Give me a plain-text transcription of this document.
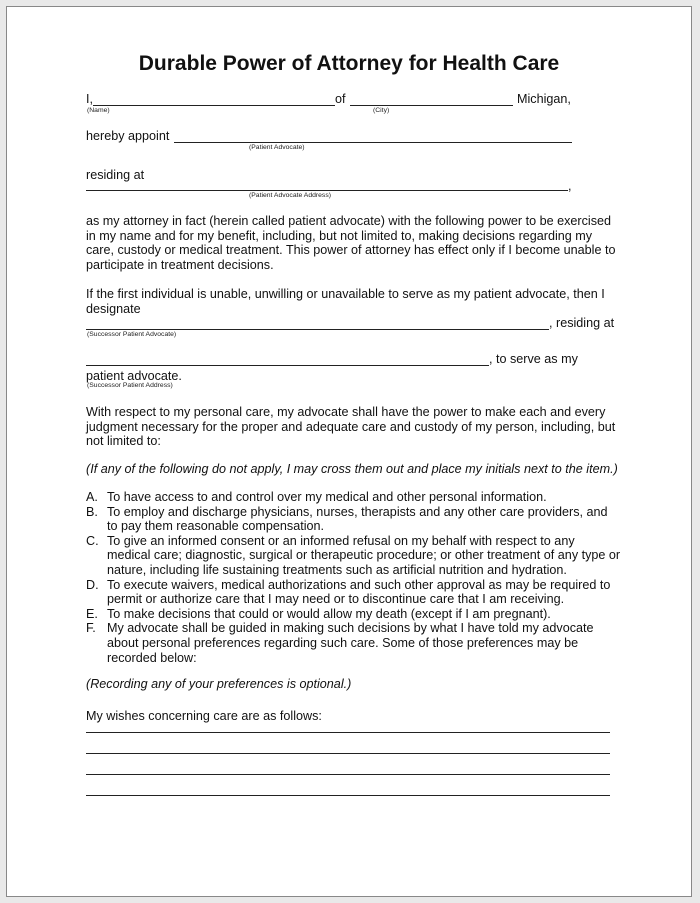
Durable Power of Attorney for Health Care
I,
(Name)
of
(City)
Michigan,
hereby appoint
(Patient Advocate)
residing at
,
(Patient Advocate Address)
as my attorney in fact (herein called patient advocate) with the following power to be exercised
in my name and for my benefit, including, but not limited to, making decisions regarding my
care, custody or medical treatment. This power of attorney has effect only if I become unable to
participate in treatment decisions.
If the first individual is unable, unwilling or unavailable to serve as my patient advocate, then I
designate
, residing at
(Successor Patient Advocate)
, to serve as my
patient advocate.
(Successor Patient Address)
With respect to my personal care, my advocate shall have the power to make each and every
judgment necessary for the proper and adequate care and custody of my person, including, but
not limited to:
(If any of the following do not apply, I may cross them out and place my initials next to the item.)
A. To have access to and control over my medical and other personal information.
B. To employ and discharge physicians, nurses, therapists and any other care providers, and
to pay them reasonable compensation.
C. To give an informed consent or an informed refusal on my behalf with respect to any
medical care; diagnostic, surgical or therapeutic procedure; or other treatment of any type or
nature, including life sustaining treatments such as artificial nutrition and hydration.
D. To execute waivers, medical authorizations and such other approval as may be required to
permit or authorize care that I may need or to discontinue care that I am receiving.
E. To make decisions that could or would allow my death (except if I am pregnant).
F. My advocate shall be guided in making such decisions by what I have told my advocate
about personal preferences regarding such care. Some of those preferences may be
recorded below:
(Recording any of your preferences is optional.)
My wishes concerning care are as follows:
